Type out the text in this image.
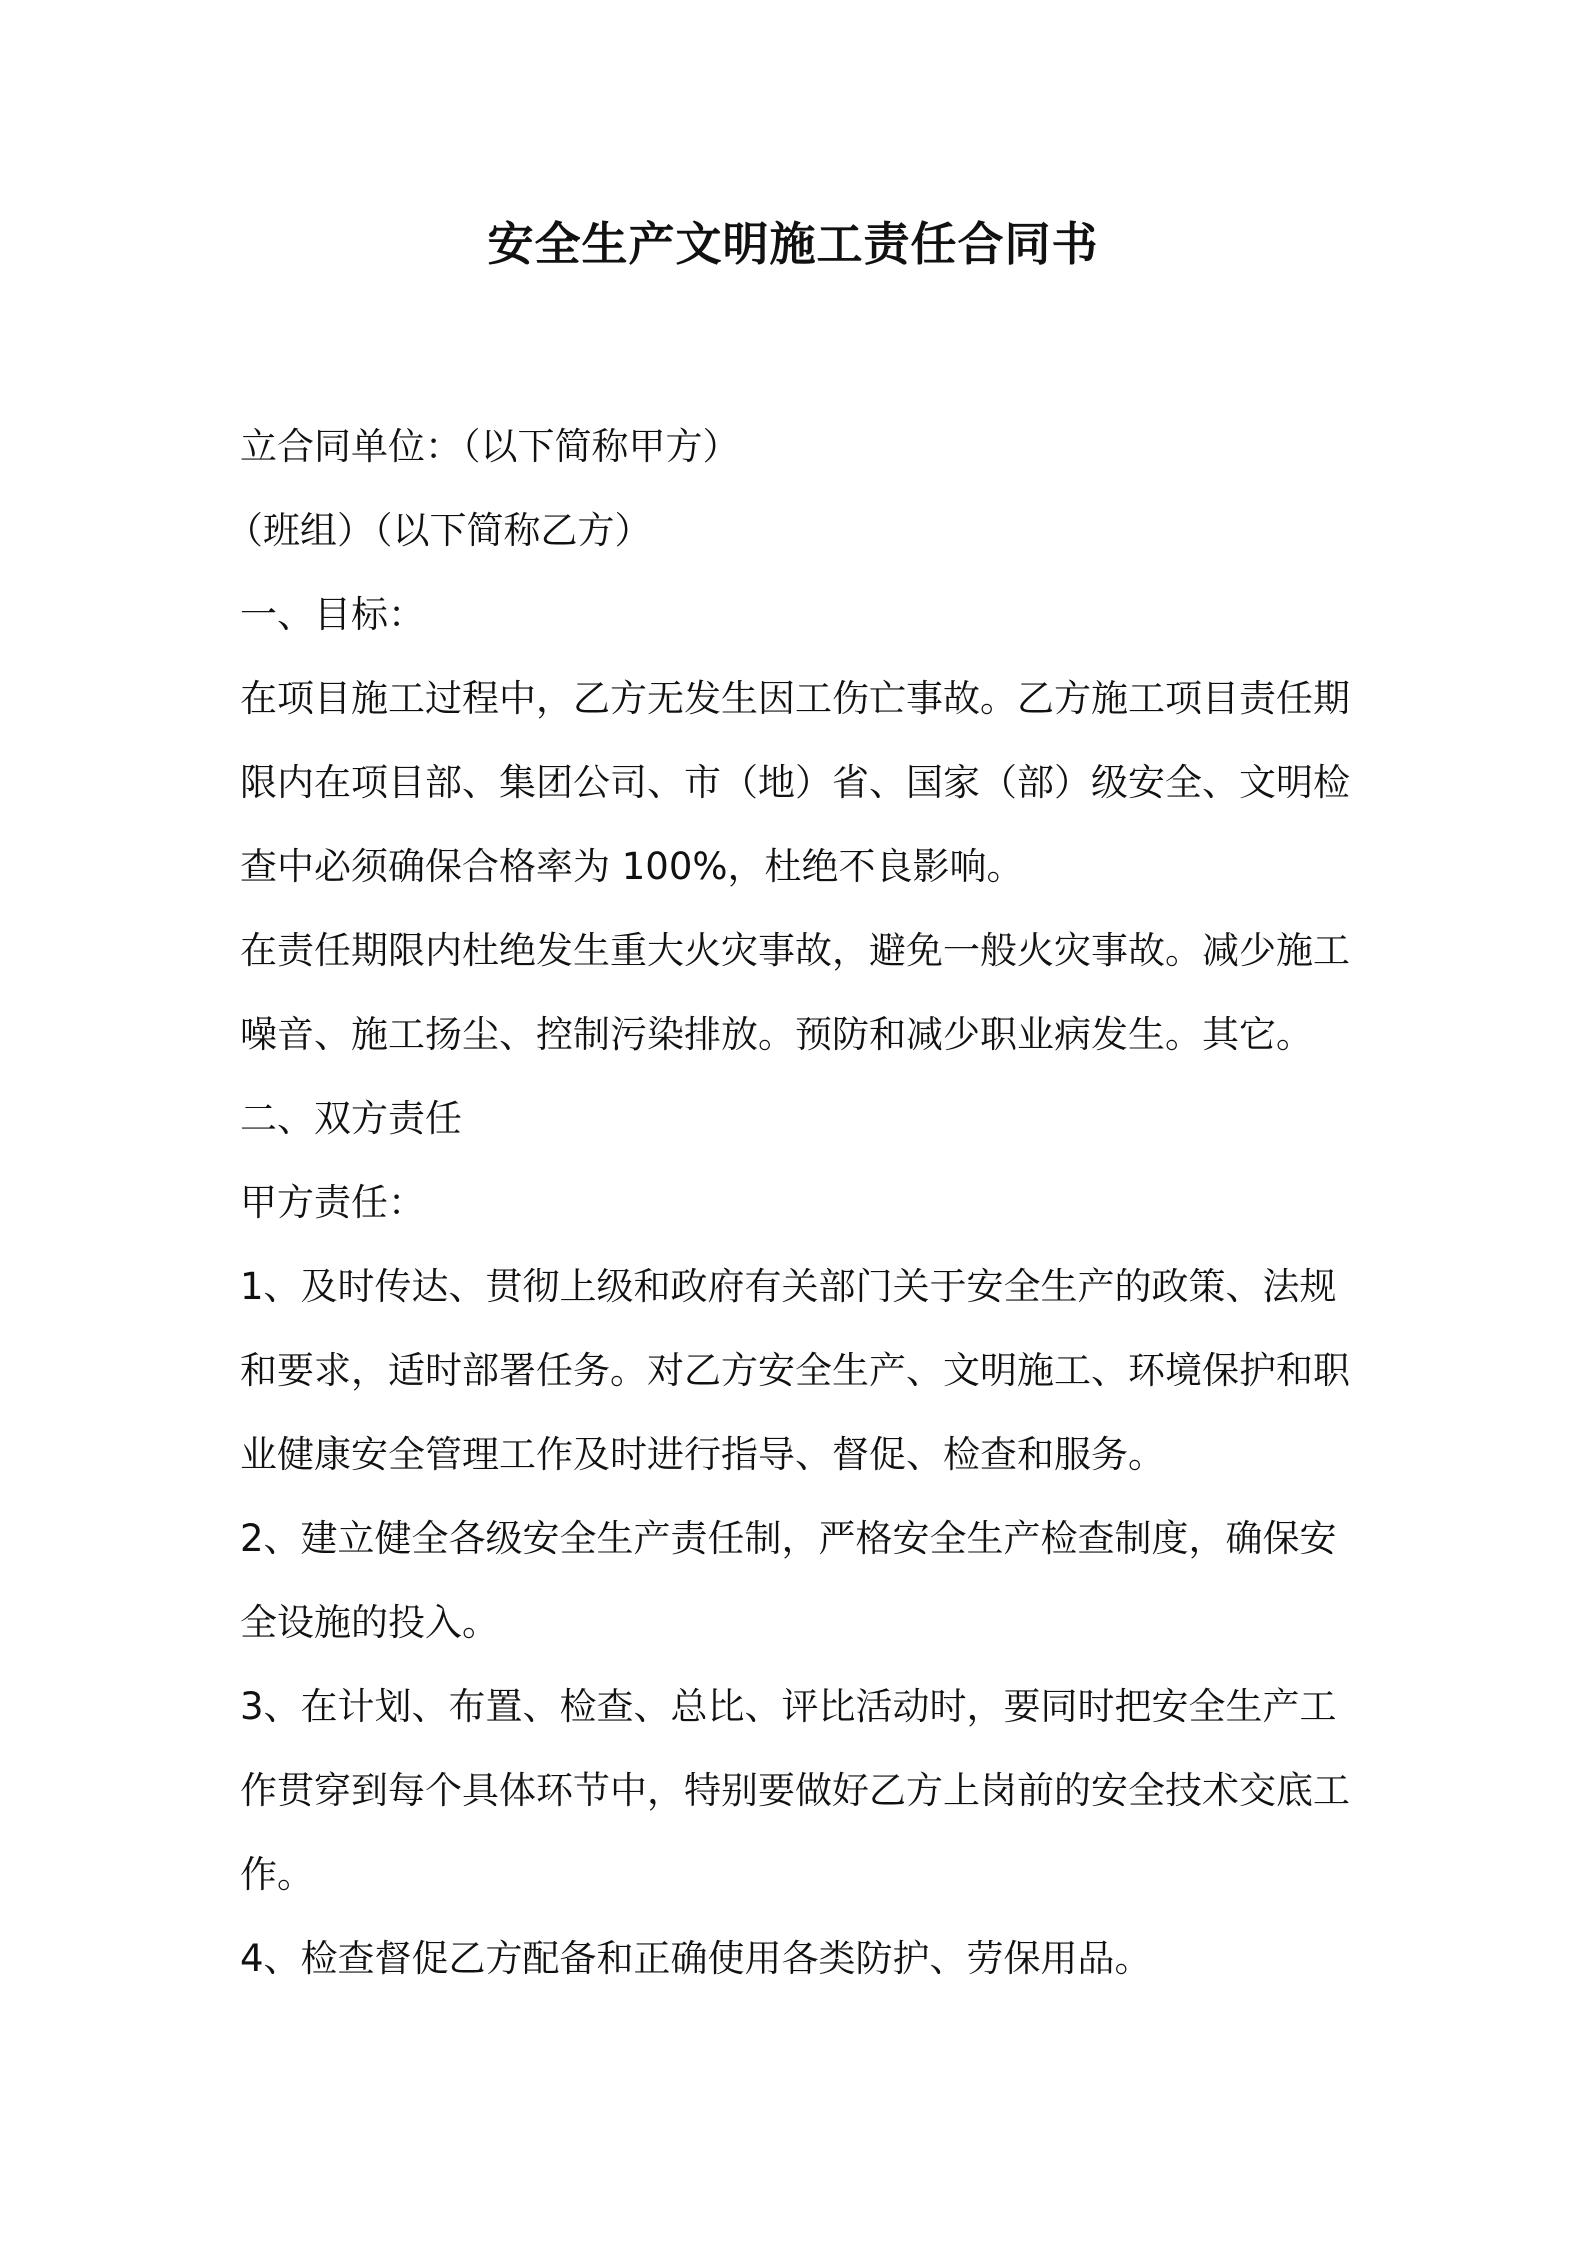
安全生产文明施工责任合同书

立合同单位：（以下简称甲方）

（班组）（以下简称乙方）

一、目标：

在项目施工过程中，乙方无发生因工伤亡事故。乙方施工项目责任期

限内在项目部、集团公司、市（地）省、国家（部）级安全、文明检

查中必须确保合格率为 100%，杜绝不良影响。

在责任期限内杜绝发生重大火灾事故，避免一般火灾事故。减少施工

噪音、施工扬尘、控制污染排放。预防和减少职业病发生。其它。

二、双方责任

甲方责任：

1、及时传达、贯彻上级和政府有关部门关于安全生产的政策、法规

和要求，适时部署任务。对乙方安全生产、文明施工、环境保护和职

业健康安全管理工作及时进行指导、督促、检查和服务。

2、建立健全各级安全生产责任制，严格安全生产检查制度，确保安

全设施的投入。

3、在计划、布置、检查、总比、评比活动时，要同时把安全生产工

作贯穿到每个具体环节中，特别要做好乙方上岗前的安全技术交底工

作。

4、检查督促乙方配备和正确使用各类防护、劳保用品。
